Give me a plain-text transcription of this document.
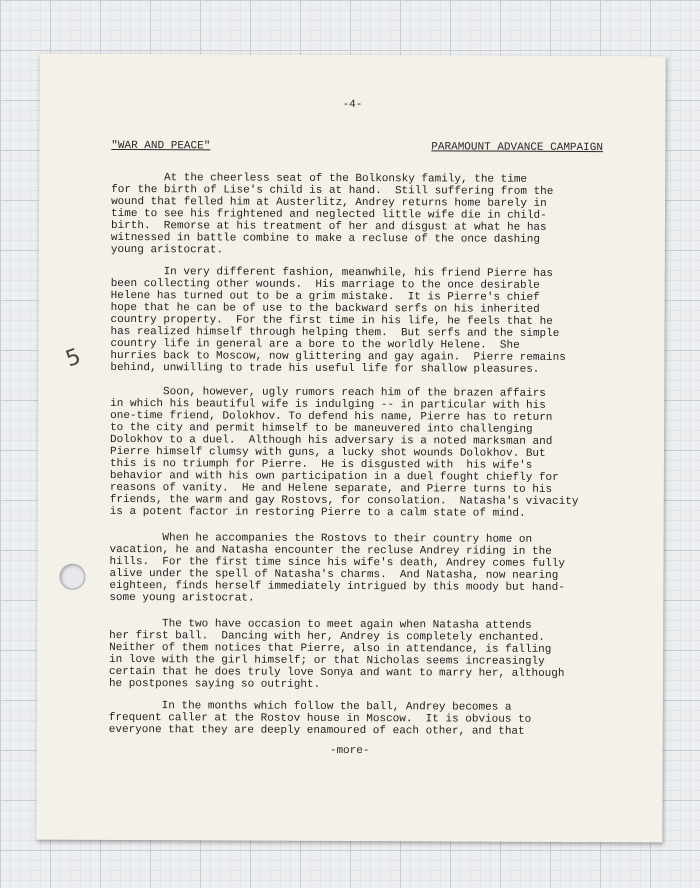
-4-
"WAR AND PEACE"	PARAMOUNT ADVANCE CAMPAIGN
At the cheerless seat of the Bolkonsky family, the time
for the birth of Lise's child is at hand.  Still suffering from the
wound that felled him at Austerlitz, Andrey returns home barely in
time to see his frightened and neglected little wife die in child-
birth.  Remorse at his treatment of her and disgust at what he has
witnessed in battle combine to make a recluse of the once dashing
young aristocrat.
In very different fashion, meanwhile, his friend Pierre has
been collecting other wounds.  His marriage to the once desirable
Helene has turned out to be a grim mistake.  It is Pierre's chief
hope that he can be of use to the backward serfs on his inherited
country property.  For the first time in his life, he feels that he
has realized himself through helping them.  But serfs and the simple
country life in general are a bore to the worldly Helene.  She
hurries back to Moscow, now glittering and gay again.  Pierre remains
behind, unwilling to trade his useful life for shallow pleasures.
Soon, however, ugly rumors reach him of the brazen affairs
in which his beautiful wife is indulging -- in particular with his
one-time friend, Dolokhov. To defend his name, Pierre has to return
to the city and permit himself to be maneuvered into challenging
Dolokhov to a duel.  Although his adversary is a noted marksman and
Pierre himself clumsy with guns, a lucky shot wounds Dolokhov. But
this is no triumph for Pierre.  He is disgusted with  his wife's
behavior and with his own participation in a duel fought chiefly for
reasons of vanity.  He and Helene separate, and Pierre turns to his
friends, the warm and gay Rostovs, for consolation.  Natasha's vivacity
is a potent factor in restoring Pierre to a calm state of mind.
When he accompanies the Rostovs to their country home on
vacation, he and Natasha encounter the recluse Andrey riding in the
hills.  For the first time since his wife's death, Andrey comes fully
alive under the spell of Natasha's charms.  And Natasha, now nearing
eighteen, finds herself immediately intrigued by this moody but hand-
some young aristocrat.
The two have occasion to meet again when Natasha attends
her first ball.  Dancing with her, Andrey is completely enchanted.
Neither of them notices that Pierre, also in attendance, is falling
in love with the girl himself; or that Nicholas seems increasingly
certain that he does truly love Sonya and want to marry her, although
he postpones saying so outright.
In the months which follow the ball, Andrey becomes a
frequent caller at the Rostov house in Moscow.  It is obvious to
everyone that they are deeply enamoured of each other, and that
-more-
5
